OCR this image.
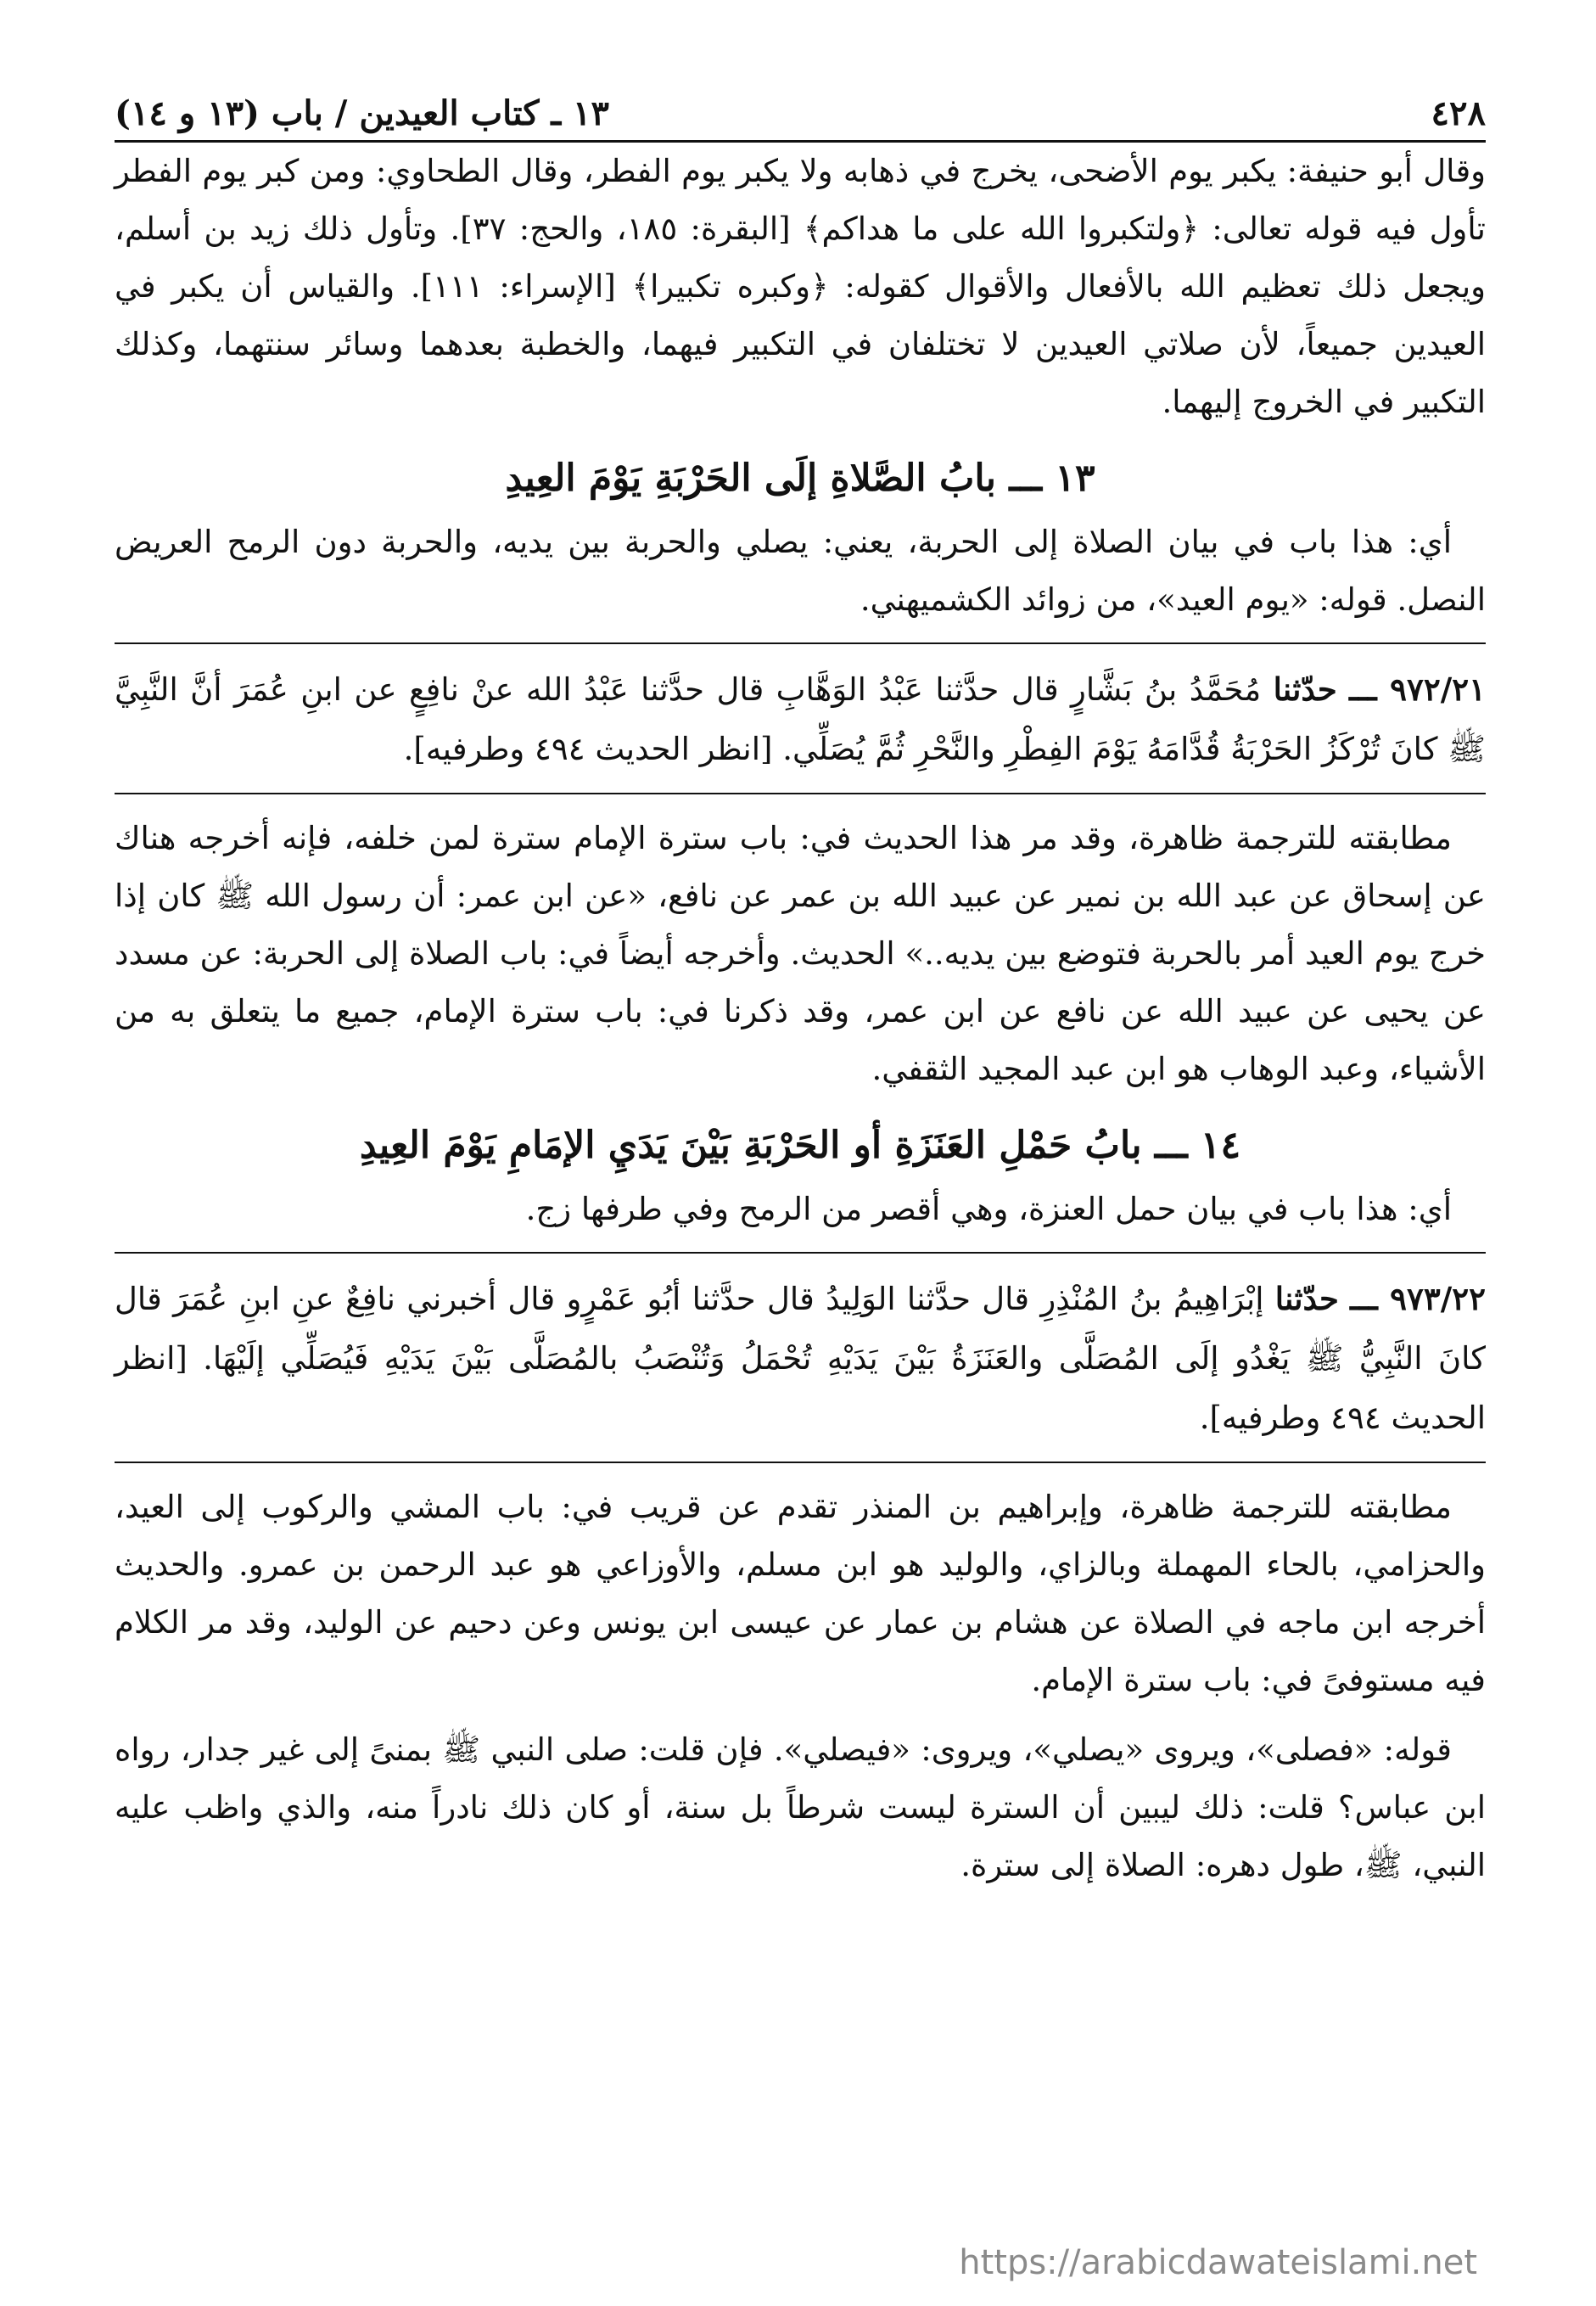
٤٢٨
١٣ ـ كتاب العيدين / باب (١٣ و ١٤)

وقال أبو حنيفة: يكبر يوم الأضحى، يخرج في ذهابه ولا يكبر يوم الفطر، وقال الطحاوي: ومن كبر يوم الفطر تأول فيه قوله تعالى: ﴿ولتكبروا الله على ما هداكم﴾ [البقرة: ١٨٥، والحج: ٣٧]. وتأول ذلك زيد بن أسلم، ويجعل ذلك تعظيم الله بالأفعال والأقوال كقوله: ﴿وكبره تكبيرا﴾ [الإسراء: ١١١]. والقياس أن يكبر في العيدين جميعاً، لأن صلاتي العيدين لا تختلفان في التكبير فيهما، والخطبة بعدهما وسائر سنتهما، وكذلك التكبير في الخروج إليهما.

١٣ ـــ بابُ الصَّلاةِ إلَى الحَرْبَةِ يَوْمَ العِيدِ

أي: هذا باب في بيان الصلاة إلى الحربة، يعني: يصلي والحربة بين يديه، والحربة دون الرمح العريض النصل. قوله: «يوم العيد»، من زوائد الكشميهني.

٩٧٢/٢١ ـــ حدّثنا مُحَمَّدُ بنُ بَشَّارٍ قال حدَّثنا عَبْدُ الوَهَّابِ قال حدَّثنا عَبْدُ الله عنْ نافِعٍ عن ابنِ عُمَرَ أنَّ النَّبِيَّ ﷺ كانَ تُرْكَزُ الحَرْبَةُ قُدَّامَهُ يَوْمَ الفِطْرِ والنَّحْرِ ثُمَّ يُصَلِّي. [انظر الحديث ٤٩٤ وطرفيه].

مطابقته للترجمة ظاهرة، وقد مر هذا الحديث في: باب سترة الإمام سترة لمن خلفه، فإنه أخرجه هناك عن إسحاق عن عبد الله بن نمير عن عبيد الله بن عمر عن نافع، «عن ابن عمر: أن رسول الله ﷺ كان إذا خرج يوم العيد أمر بالحربة فتوضع بين يديه..» الحديث. وأخرجه أيضاً في: باب الصلاة إلى الحربة: عن مسدد عن يحيى عن عبيد الله عن نافع عن ابن عمر، وقد ذكرنا في: باب سترة الإمام، جميع ما يتعلق به من الأشياء، وعبد الوهاب هو ابن عبد المجيد الثقفي.

١٤ ـــ بابُ حَمْلِ العَنَزَةِ أو الحَرْبَةِ بَيْنَ يَدَيِ الإمَامِ يَوْمَ العِيدِ

أي: هذا باب في بيان حمل العنزة، وهي أقصر من الرمح وفي طرفها زج.

٩٧٣/٢٢ ـــ حدّثنا إبْرَاهِيمُ بنُ المُنْذِرِ قال حدَّثنا الوَلِيدُ قال حدَّثنا أبُو عَمْرٍو قال أخبرني نافِعٌ عنِ ابنِ عُمَرَ قال كانَ النَّبِيُّ ﷺ يَغْدُو إلَى المُصَلَّى والعَنَزَةُ بَيْنَ يَدَيْهِ تُحْمَلُ وَتُنْصَبُ بالمُصَلَّى بَيْنَ يَدَيْهِ فَيُصَلِّي إلَيْهَا. [انظر الحديث ٤٩٤ وطرفيه].

مطابقته للترجمة ظاهرة، وإبراهيم بن المنذر تقدم عن قريب في: باب المشي والركوب إلى العيد، والحزامي، بالحاء المهملة وبالزاي، والوليد هو ابن مسلم، والأوزاعي هو عبد الرحمن بن عمرو. والحديث أخرجه ابن ماجه في الصلاة عن هشام بن عمار عن عيسى ابن يونس وعن دحيم عن الوليد، وقد مر الكلام فيه مستوفىً في: باب سترة الإمام.

قوله: «فصلى»، ويروى «يصلي»، ويروى: «فيصلي». فإن قلت: صلى النبي ﷺ بمنىً إلى غير جدار، رواه ابن عباس؟ قلت: ذلك ليبين أن السترة ليست شرطاً بل سنة، أو كان ذلك نادراً منه، والذي واظب عليه النبي، ﷺ، طول دهره: الصلاة إلى سترة.

https://arabicdawateislami.net
